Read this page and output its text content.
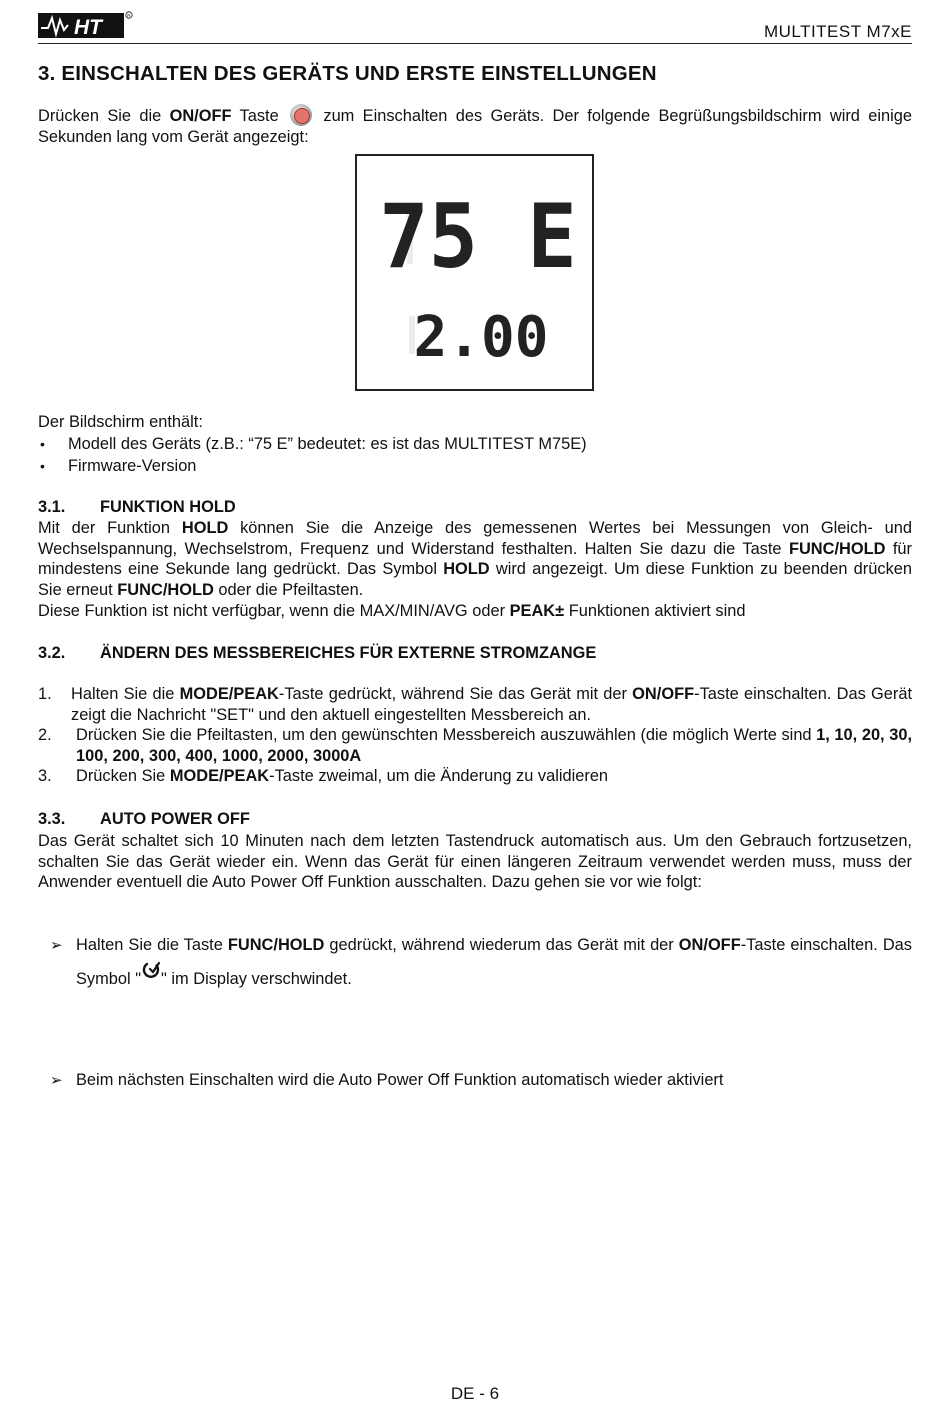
HT
R
MULTITEST M7xE
3. EINSCHALTEN DES GERÄTS UND ERSTE EINSTELLUNGEN
Drücken Sie die ON/OFF Taste  zum Einschalten des Geräts. Der folgende Begrüßungsbildschirm wird einige Sekunden lang vom Gerät angezeigt:
75 E
2.00
Der Bildschirm enthält:
• Modell des Geräts (z.B.: “75 E” bedeutet: es ist das MULTITEST M75E)
• Firmware-Version
3.1. FUNKTION HOLD
Mit der Funktion HOLD können Sie die Anzeige des gemessenen Wertes bei Messungen von Gleich- und Wechselspannung, Wechselstrom, Frequenz und Widerstand festhalten. Halten Sie dazu die Taste FUNC/HOLD für mindestens eine Sekunde lang gedrückt. Das Symbol HOLD wird angezeigt. Um diese Funktion zu beenden drücken Sie erneut FUNC/HOLD oder die Pfeiltasten.
Diese Funktion ist nicht verfügbar, wenn die MAX/MIN/AVG oder PEAK± Funktionen aktiviert sind
3.2. ÄNDERN DES MESSBEREICHES FÜR EXTERNE STROMZANGE
1. Halten Sie die MODE/PEAK-Taste gedrückt, während Sie das Gerät mit der ON/OFF-Taste einschalten. Das Gerät zeigt die Nachricht "SET" und den aktuell eingestellten Messbereich an.
2. Drücken Sie die Pfeiltasten, um den gewünschten Messbereich auszuwählen (die möglich Werte sind 1, 10, 20, 30, 100, 200, 300, 400, 1000, 2000, 3000A
3. Drücken Sie MODE/PEAK-Taste zweimal, um die Änderung zu validieren
3.3. AUTO POWER OFF
Das Gerät schaltet sich 10 Minuten nach dem letzten Tastendruck automatisch aus. Um den Gebrauch fortzusetzen, schalten Sie das Gerät wieder ein. Wenn das Gerät für einen längeren Zeitraum verwendet werden muss, muss der Anwender eventuell die Auto Power Off Funktion ausschalten. Dazu gehen sie vor wie folgt:
➢ Halten Sie die Taste FUNC/HOLD gedrückt, während wiederum das Gerät mit der ON/OFF-Taste einschalten. Das Symbol " " im Display verschwindet.
➢ Beim nächsten Einschalten wird die Auto Power Off Funktion automatisch wieder aktiviert
DE - 6
